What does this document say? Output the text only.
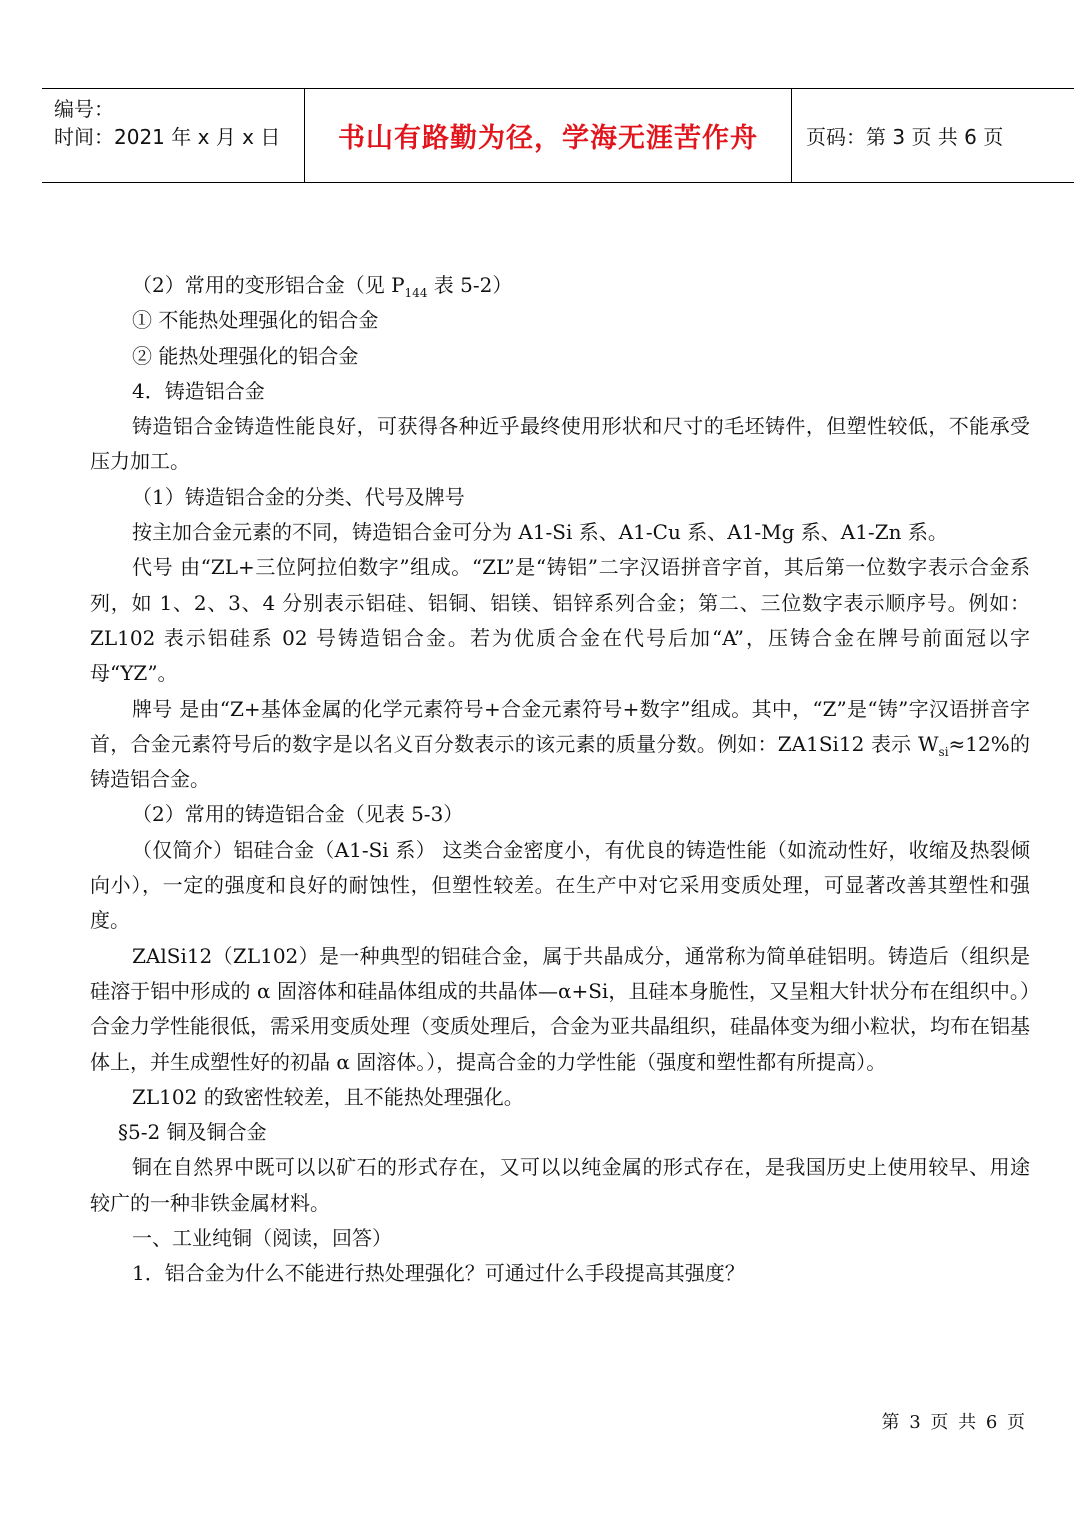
编号：
时间：2021 年 x 月 x 日 书山有路勤为径，学海无涯苦作舟	页码：第 3 页 共 6 页

（2）常用的变形铝合金（见 $P_{144}$ 表 5-2）

① 不能热处理强化的铝合金

② 能热处理强化的铝合金

4．铸造铝合金

铸造铝合金铸造性能良好，可获得各种近乎最终使用形状和尺寸的毛坯铸件，但塑性较低，不能承受压力加工。

（1）铸造铝合金的分类、代号及牌号

按主加合金元素的不同，铸造铝合金可分为 A1-Si 系、A1-Cu 系、A1-Mg 系、A1-Zn 系。

代号 由“ZL+三位阿拉伯数字”组成。“ZL”是“铸铝”二字汉语拼音字首，其后第一位数字表示合金系列，如 1、2、3、4 分别表示铝硅、铝铜、铝镁、铝锌系列合金；第二、三位数字表示顺序号。例如：ZL102 表示铝硅系 02 号铸造铝合金。若为优质合金在代号后加“A”，压铸合金在牌号前面冠以字母“YZ”。

牌号 是由“Z+基体金属的化学元素符号+合金元素符号+数字”组成。其中，“Z”是“铸”字汉语拼音字首，合金元素符号后的数字是以名义百分数表示的该元素的质量分数。例如：ZA1Si12 表示 $W_{si}\approx 12\%$的铸造铝合金。

（2）常用的铸造铝合金（见表 5-3）

（仅简介）铝硅合金（A1-Si 系） 这类合金密度小，有优良的铸造性能（如流动性好，收缩及热裂倾向小），一定的强度和良好的耐蚀性，但塑性较差。在生产中对它采用变质处理，可显著改善其塑性和强度。

ZAlSi12（ZL102）是一种典型的铝硅合金，属于共晶成分，通常称为简单硅铝明。铸造后（组织是硅溶于铝中形成的 α 固溶体和硅晶体组成的共晶体—α+Si，且硅本身脆性，又呈粗大针状分布在组织中。）合金力学性能很低，需采用变质处理（变质处理后，合金为亚共晶组织，硅晶体变为细小粒状，均布在铝基体上，并生成塑性好的初晶 α 固溶体。），提高合金的力学性能（强度和塑性都有所提高）。

ZL102 的致密性较差，且不能热处理强化。

§5-2 铜及铜合金

铜在自然界中既可以以矿石的形式存在，又可以以纯金属的形式存在，是我国历史上使用较早、用途较广的一种非铁金属材料。

一、工业纯铜（阅读，回答）

1．铝合金为什么不能进行热处理强化？可通过什么手段提高其强度？

第 3 页 共 6 页
